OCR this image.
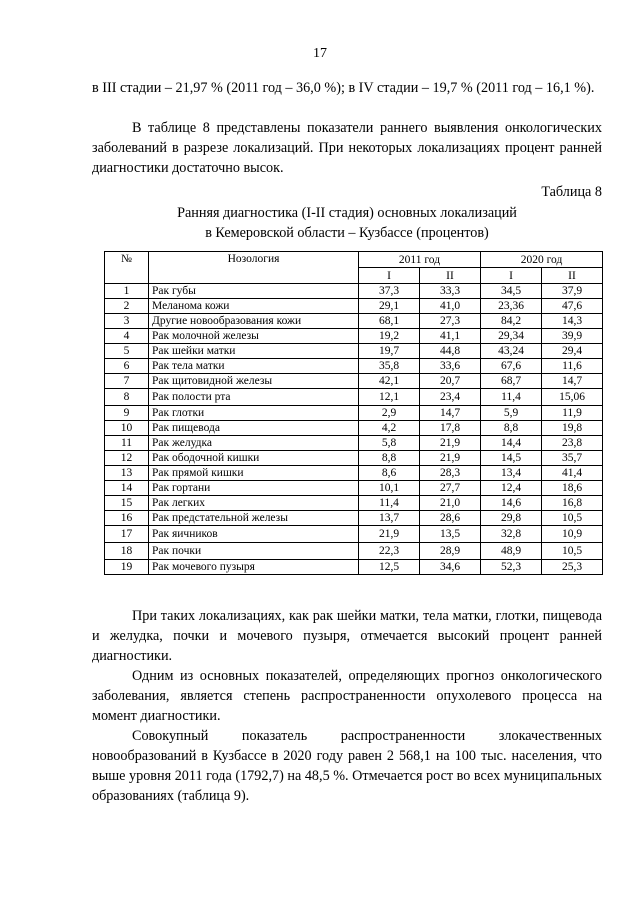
17

в III стадии – 21,97 % (2011 год – 36,0 %); в IV стадии – 19,7 % (2011 год – 16,1 %).

В таблице 8 представлены показатели раннего выявления онкологических заболеваний в разрезе локализаций. При некоторых локализациях процент ранней диагностики достаточно высок.

Таблица 8
Ранняя диагностика (I-II стадия) основных локализаций
в Кемеровской области – Кузбассе (процентов)
№	Нозология	2011 год		2020 год	
		I	II	I	II
1	Рак губы	37,3	33,3	34,5	37,9
2	Меланома кожи	29,1	41,0	23,36	47,6
3	Другие новообразования кожи	68,1	27,3	84,2	14,3
4	Рак молочной железы	19,2	41,1	29,34	39,9
5	Рак шейки матки	19,7	44,8	43,24	29,4
6	Рак тела матки	35,8	33,6	67,6	11,6
7	Рак щитовидной железы	42,1	20,7	68,7	14,7
8	Рак полости рта	12,1	23,4	11,4	15,06
9	Рак глотки	2,9	14,7	5,9	11,9
10	Рак пищевода	4,2	17,8	8,8	19,8
11	Рак желудка	5,8	21,9	14,4	23,8
12	Рак ободочной кишки	8,8	21,9	14,5	35,7
13	Рак прямой кишки	8,6	28,3	13,4	41,4
14	Рак гортани	10,1	27,7	12,4	18,6
15	Рак легких	11,4	21,0	14,6	16,8
16	Рак предстательной железы	13,7	28,6	29,8	10,5
17	Рак яичников	21,9	13,5	32,8	10,9
18	Рак почки	22,3	28,9	48,9	10,5
19	Рак мочевого пузыря	12,5	34,6	52,3	25,3

При таких локализациях, как рак шейки матки, тела матки, глотки, пищевода и желудка, почки и мочевого пузыря, отмечается высокий процент ранней диагностики.

Одним из основных показателей, определяющих прогноз онкологического заболевания, является степень распространенности опухолевого процесса на момент диагностики.

Совокупный показатель распространенности злокачественных новообразований в Кузбассе в 2020 году равен 2 568,1 на 100 тыс. населения, что выше уровня 2011 года (1792,7) на 48,5 %. Отмечается рост во всех муниципальных образованиях (таблица 9).
